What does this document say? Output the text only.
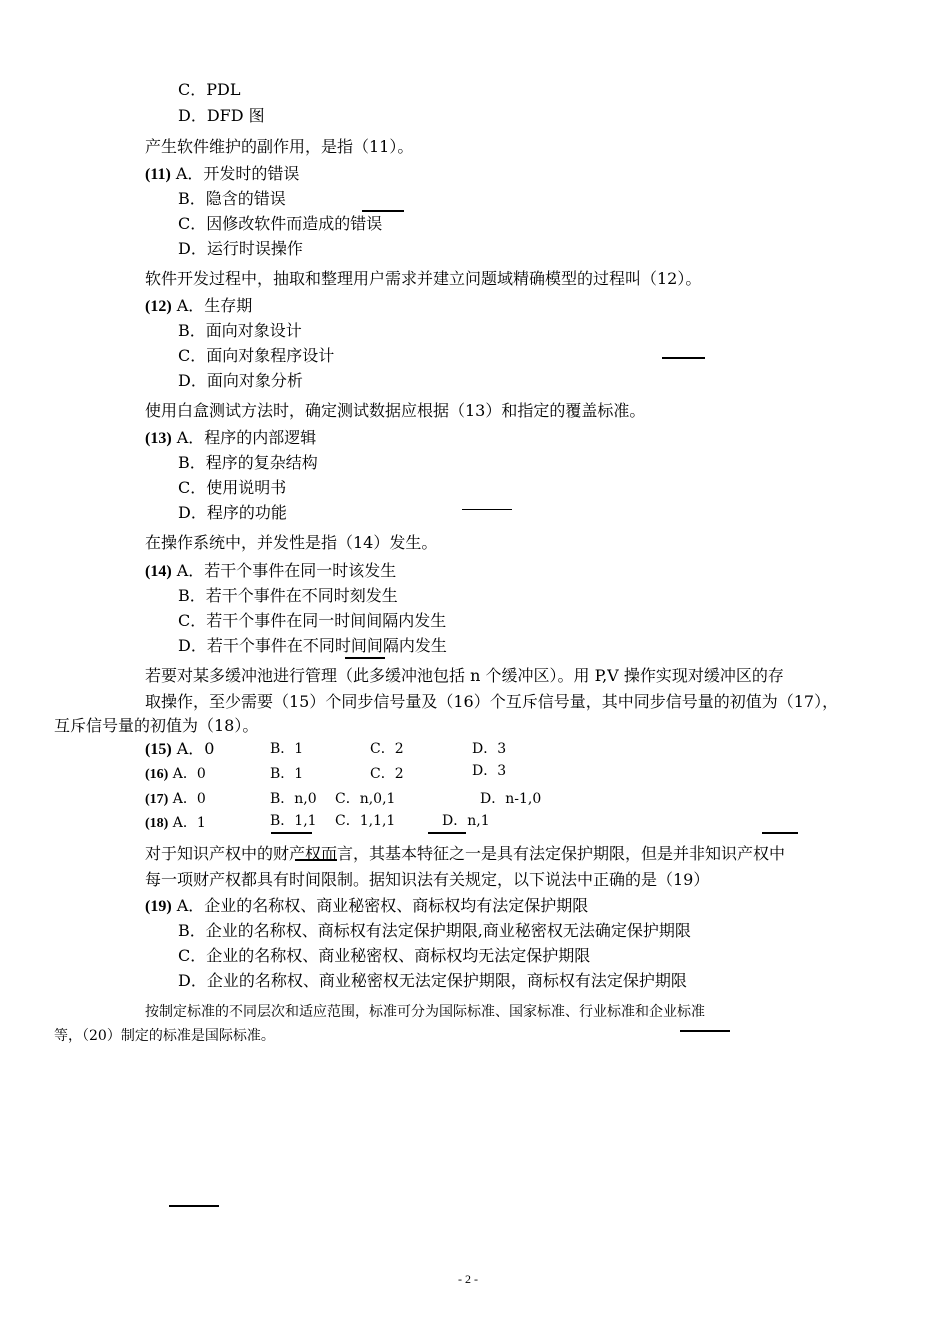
C．PDL
D．DFD 图
产生软件维护的副作用，是指（11）。
(11) A．开发时的错误
B．隐含的错误
C．因修改软件而造成的错误
D．运行时误操作
软件开发过程中，抽取和整理用户需求并建立问题域精确模型的过程叫（12）。
(12) A．生存期
B．面向对象设计
C．面向对象程序设计
D．面向对象分析
使用白盒测试方法时，确定测试数据应根据（13）和指定的覆盖标准。
(13) A．程序的内部逻辑
B．程序的复杂结构
C．使用说明书
D．程序的功能
在操作系统中，并发性是指（14）发生。
(14) A．若干个事件在同一时该发生
B．若干个事件在不同时刻发生
C．若干个事件在同一时间间隔内发生
D．若干个事件在不同时间间隔内发生
若要对某多缓冲池进行管理（此多缓冲池包括 n 个缓冲区）。用 P,V 操作实现对缓冲区的存
取操作，至少需要（15）个同步信号量及（16）个互斥信号量，其中同步信号量的初值为（17），
互斥信号量的初值为（18）。
(15) A．0	B．1	C．2	D．3
(16) A．0	B．1	C．2	D．3
(17) A．0	B．n,0 C．n,0,1	D．n-1,0
(18) A．1	B．1,1 C．1,1,1	D．n,1
对于知识产权中的财产权而言，其基本特征之一是具有法定保护期限，但是并非知识产权中
每一项财产权都具有时间限制。据知识法有关规定，以下说法中正确的是（19）
(19) A．企业的名称权、商业秘密权、商标权均有法定保护期限
B．企业的名称权、商标权有法定保护期限,商业秘密权无法确定保护期限
C．企业的名称权、商业秘密权、商标权均无法定保护期限
D．企业的名称权、商业秘密权无法定保护期限，商标权有法定保护期限
按制定标准的不同层次和适应范围，标准可分为国际标准、国家标准、行业标准和企业标准
等，（20）制定的标准是国际标准。
- 2 -
